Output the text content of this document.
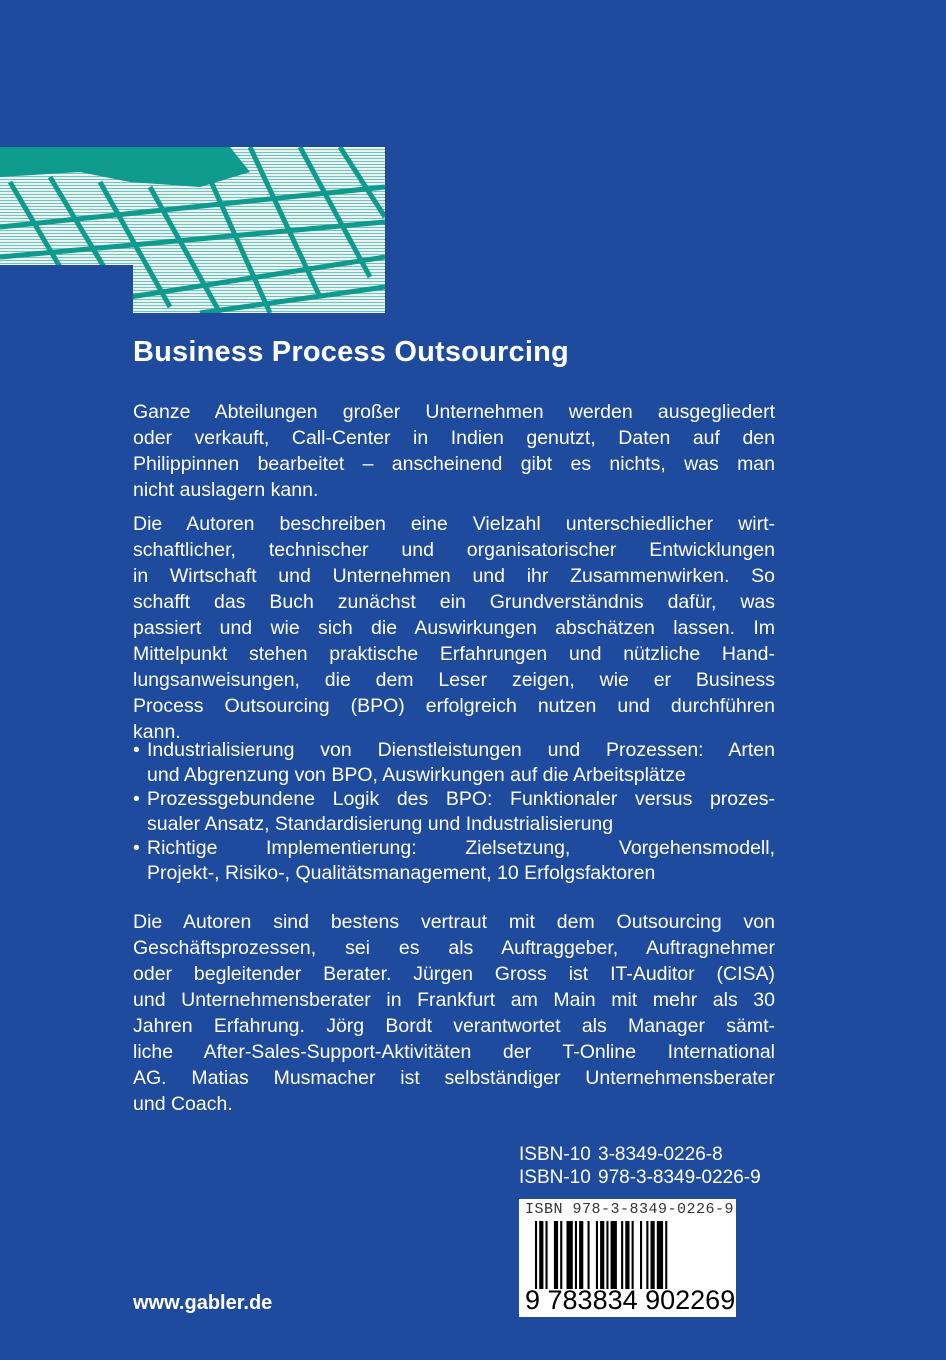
Business Process Outsourcing
Ganze Abteilungen großer Unternehmen werden ausgegliedert
oder verkauft, Call-Center in Indien genutzt, Daten auf den
Philippinnen bearbeitet – anscheinend gibt es nichts, was man
nicht auslagern kann.
Die Autoren beschreiben eine Vielzahl unterschiedlicher wirt-
schaftlicher, technischer und organisatorischer Entwicklungen
in Wirtschaft und Unternehmen und ihr Zusammenwirken. So
schafft das Buch zunächst ein Grundverständnis dafür, was
passiert und wie sich die Auswirkungen abschätzen lassen. Im
Mittelpunkt stehen praktische Erfahrungen und nützliche Hand-
lungsanweisungen, die dem Leser zeigen, wie er Business
Process Outsourcing (BPO) erfolgreich nutzen und durchführen
kann.
• Industrialisierung von Dienstleistungen und Prozessen: Arten
und Abgrenzung von BPO, Auswirkungen auf die Arbeitsplätze
• Prozessgebundene Logik des BPO: Funktionaler versus prozes-
sualer Ansatz, Standardisierung und Industrialisierung
• Richtige Implementierung: Zielsetzung, Vorgehensmodell,
Projekt-, Risiko-, Qualitätsmanagement, 10 Erfolgsfaktoren
Die Autoren sind bestens vertraut mit dem Outsourcing von
Geschäftsprozessen, sei es als Auftraggeber, Auftragnehmer
oder begleitender Berater. Jürgen Gross ist IT-Auditor (CISA)
und Unternehmensberater in Frankfurt am Main mit mehr als 30
Jahren Erfahrung. Jörg Bordt verantwortet als Manager sämt-
liche After-Sales-Support-Aktivitäten der T-Online International
AG. Matias Musmacher ist selbständiger Unternehmensberater
und Coach.
ISBN-10 3-8349-0226-8
ISBN-10 978-3-8349-0226-9
ISBN 978-3-8349-0226-9
9 783834 902269
www.gabler.de
